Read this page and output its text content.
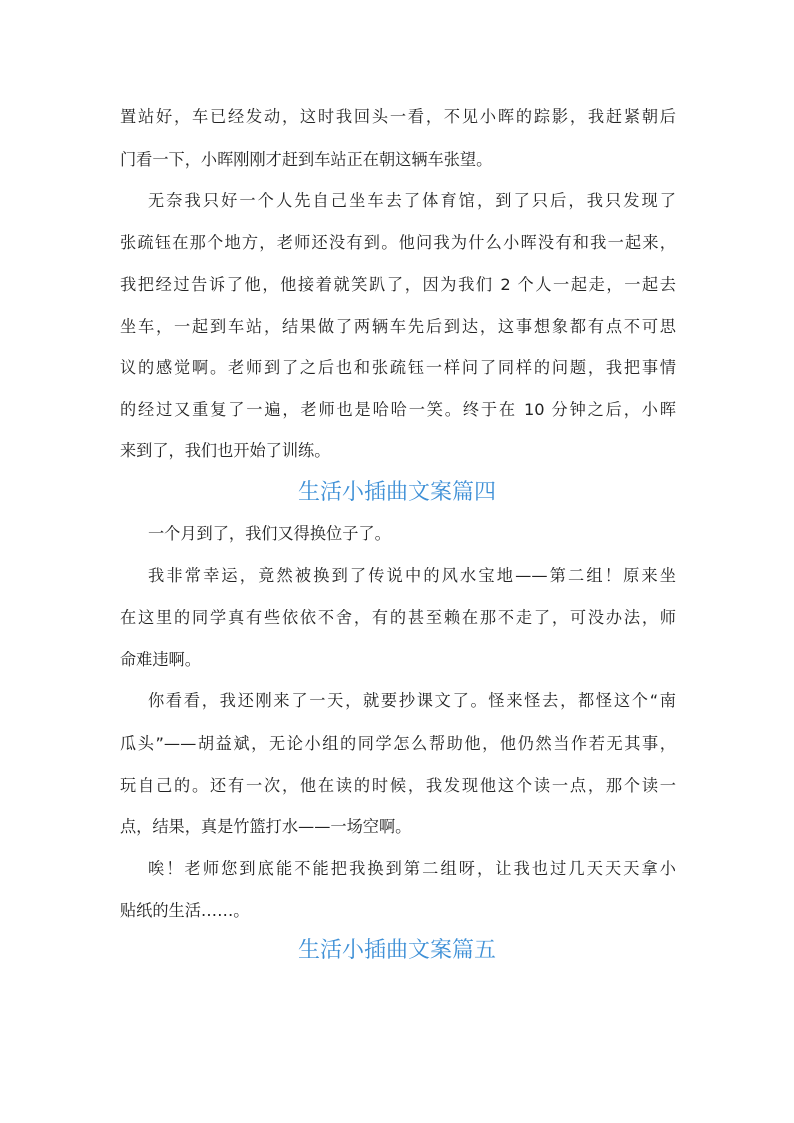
置站好，车已经发动，这时我回头一看，不见小晖的踪影，我赶紧朝后
门看一下，小晖刚刚才赶到车站正在朝这辆车张望。
无奈我只好一个人先自己坐车去了体育馆，到了只后，我只发现了
张疏钰在那个地方，老师还没有到。他问我为什么小晖没有和我一起来，
我把经过告诉了他，他接着就笑趴了，因为我们 2 个人一起走，一起去
坐车，一起到车站，结果做了两辆车先后到达，这事想象都有点不可思
议的感觉啊。老师到了之后也和张疏钰一样问了同样的问题，我把事情
的经过又重复了一遍，老师也是哈哈一笑。终于在 10 分钟之后，小晖
来到了，我们也开始了训练。
生活小插曲文案篇四
一个月到了，我们又得换位子了。
我非常幸运，竟然被换到了传说中的风水宝地——第二组！原来坐
在这里的同学真有些依依不舍，有的甚至赖在那不走了，可没办法，师
命难违啊。
你看看，我还刚来了一天，就要抄课文了。怪来怪去，都怪这个“南
瓜头”——胡益斌，无论小组的同学怎么帮助他，他仍然当作若无其事，
玩自己的。还有一次，他在读的时候，我发现他这个读一点，那个读一
点，结果，真是竹篮打水——一场空啊。
唉！老师您到底能不能把我换到第二组呀，让我也过几天天天拿小
贴纸的生活……。
生活小插曲文案篇五
